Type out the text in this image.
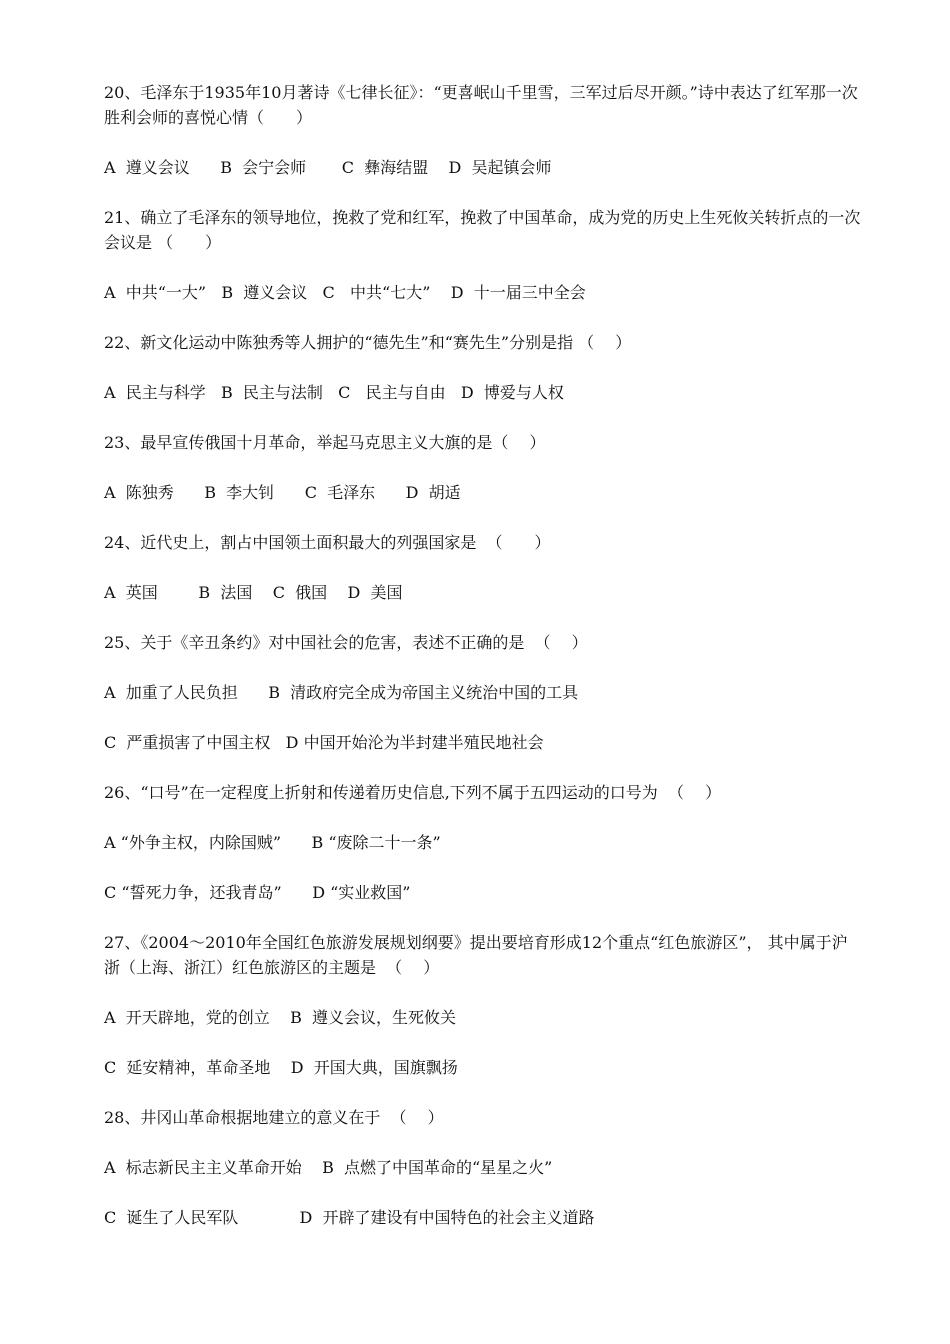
20、毛泽东于1935年10月著诗《七律长征》：“更喜岷山千里雪，三军过后尽开颜。”诗中表达了红军那一次胜利会师的喜悦心情（　　）

A  遵义会议      B  会宁会师       C  彝海结盟    D  吴起镇会师

21、确立了毛泽东的领导地位，挽救了党和红军，挽救了中国革命，成为党的历史上生死攸关转折点的一次会议是 （　　）

A  中共“一大”   B  遵义会议   C   中共“七大”    D  十一届三中全会

22、新文化运动中陈独秀等人拥护的“德先生”和“赛先生”分别是指 （　 ）

A  民主与科学   B  民主与法制   C   民主与自由   D  博爱与人权

23、最早宣传俄国十月革命，举起马克思主义大旗的是（　 ）

A  陈独秀      B  李大钊      C  毛泽东      D  胡适

24、近代史上，割占中国领土面积最大的列强国家是  （　　）

A  英国        B  法国    C  俄国    D  美国

25、关于《辛丑条约》对中国社会的危害，表述不正确的是  （　 ）

A  加重了人民负担      B  清政府完全成为帝国主义统治中国的工具

C  严重损害了中国主权   D 中国开始沦为半封建半殖民地社会

26、“口号”在一定程度上折射和传递着历史信息,下列不属于五四运动的口号为  （　 ）

A “外争主权，内除国贼”      B “废除二十一条”

C “誓死力争，还我青岛”      D “实业救国”

27、《2004～2010年全国红色旅游发展规划纲要》提出要培育形成12个重点“红色旅游区”， 其中属于沪浙（上海、浙江）红色旅游区的主题是  （　 ）

A  开天辟地，党的创立    B  遵义会议，生死攸关

C  延安精神，革命圣地    D  开国大典，国旗飘扬

28、井冈山革命根据地建立的意义在于  （　 ）

A  标志新民主主义革命开始    B  点燃了中国革命的“星星之火”

C  诞生了人民军队            D  开辟了建设有中国特色的社会主义道路
